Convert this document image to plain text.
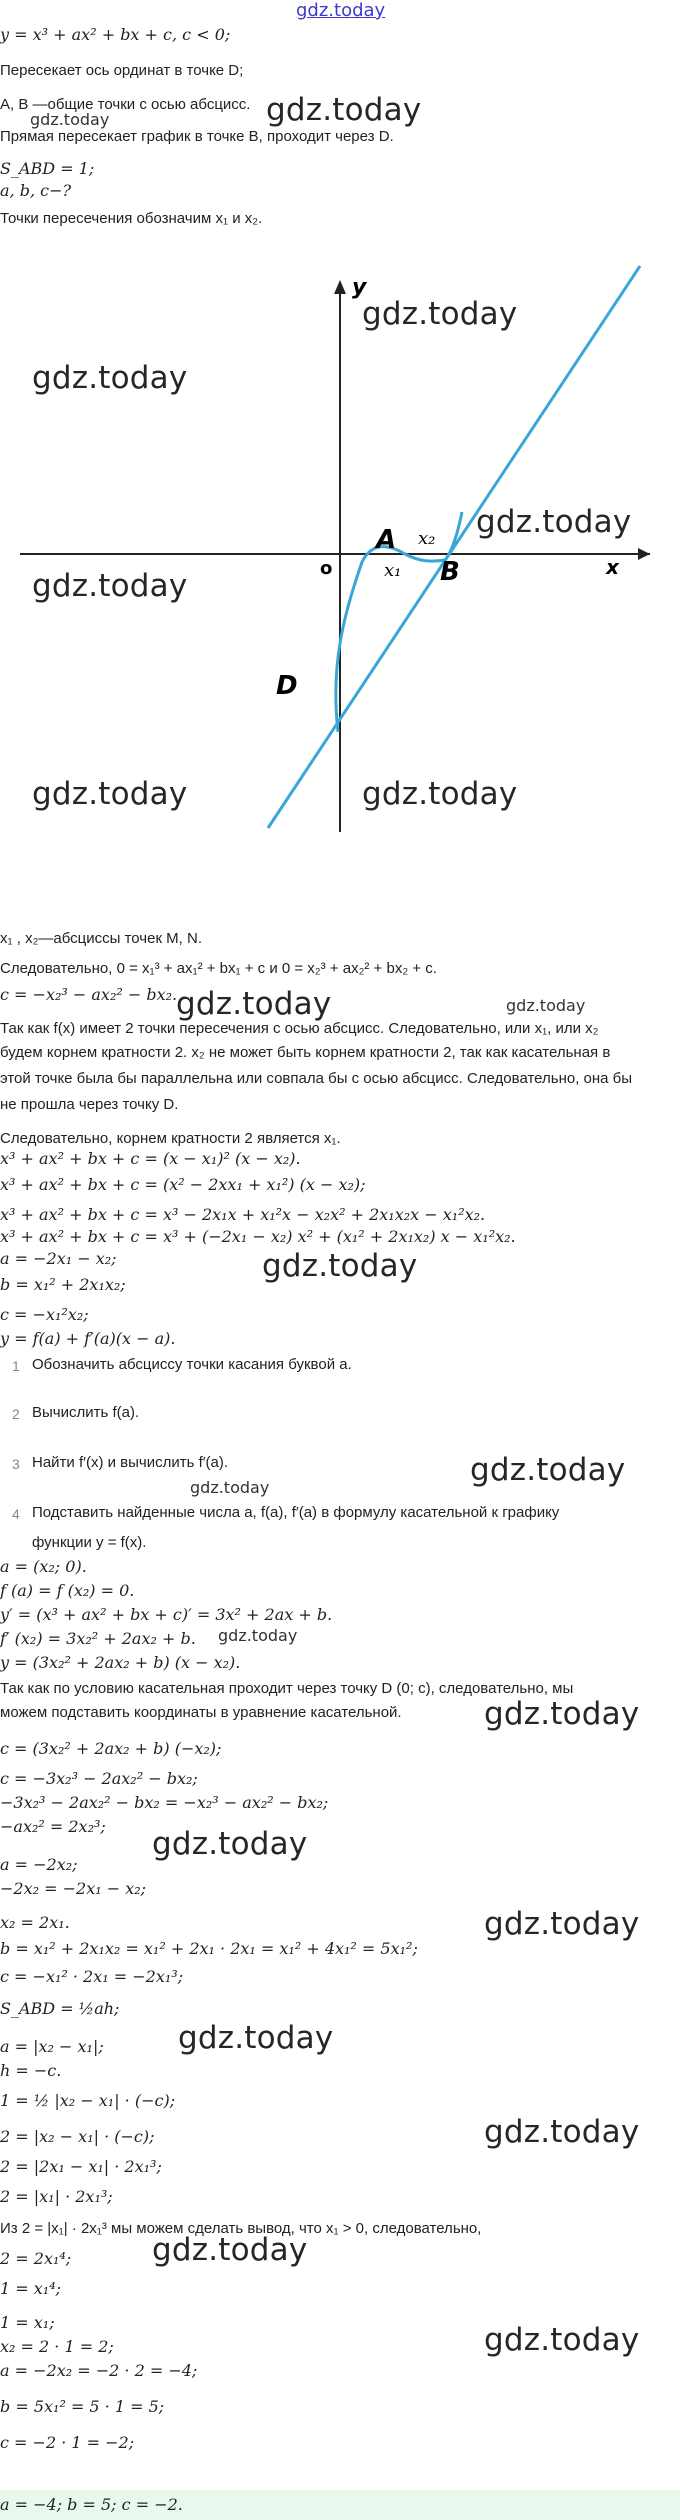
gdz.today
y = x³ + ax² + bx + c, c < 0;
Пересекает ось ординат в точке D;
A, B —общие точки с осью абсцисс.
gdz.today	gdz.today
Прямая пересекает график в точке B, проходит через D.
S_ABD = 1;
a, b, c−?
Точки пересечения обозначим x₁ и x₂.
y
x
o
A
B
D
x₁
x₂
gdz.today
gdz.today
gdz.today
gdz.today
gdz.today	gdz.today
x₁ , x₂—абсциссы точек M, N.
Следовательно, 0 = x₁³ + ax₁² + bx₁ + c и 0 = x₂³ + ax₂² + bx₂ + c.
c = −x₂³ − ax₂² − bx₂.
gdz.today	gdz.today
Так как f(x) имеет 2 точки пересечения с осью абсцисс. Следовательно, или x₁, или x₂
будем корнем кратности 2. x₂ не может быть корнем кратности 2, так как касательная в
этой точке была бы параллельна или совпала бы с осью абсцисс. Следовательно, она бы
не прошла через точку D.
Следовательно, корнем кратности 2 является x₁.
x³ + ax² + bx + c = (x − x₁)² (x − x₂).
x³ + ax² + bx + c = (x² − 2xx₁ + x₁²) (x − x₂);
x³ + ax² + bx + c = x³ − 2x₁x + x₁²x − x₂x² + 2x₁x₂x − x₁²x₂.
x³ + ax² + bx + c = x³ + (−2x₁ − x₂) x² + (x₁² + 2x₁x₂) x − x₁²x₂.
a = −2x₁ − x₂;	gdz.today
b = x₁² + 2x₁x₂;
c = −x₁²x₂;
y = f(a) + f′(a)(x − a).
1 Обозначить абсциссу точки касания буквой a.
2 Вычислить f(a).
3 Найти f′(x) и вычислить f′(a).	gdz.today
gdz.today
4 Подставить найденные числа a, f(a), f′(a) в формулу касательной к графику
функции y = f(x).
a = (x₂; 0).
f (a) = f (x₂) = 0.
y′ = (x³ + ax² + bx + c)′ = 3x² + 2ax + b.
gdz.today
f′ (x₂) = 3x₂² + 2ax₂ + b.
y = (3x₂² + 2ax₂ + b) (x − x₂).
Так как по условию касательная проходит через точку D (0; c), следовательно, мы
можем подставить координаты в уравнение касательной.	gdz.today
c = (3x₂² + 2ax₂ + b) (−x₂);
c = −3x₂³ − 2ax₂² − bx₂;
−3x₂³ − 2ax₂² − bx₂ = −x₂³ − ax₂² − bx₂;
−ax₂² = 2x₂³; gdz.today
a = −2x₂;
−2x₂ = −2x₁ − x₂;
gdz.today
x₂ = 2x₁.
b = x₁² + 2x₁x₂ = x₁² + 2x₁ · 2x₁ = x₁² + 4x₁² = 5x₁²;
c = −x₁² · 2x₁ = −2x₁³;
S_ABD = ½ah;
gdz.today
a = |x₂ − x₁|;
h = −c.
1 = ½ |x₂ − x₁| · (−c);
gdz.today
2 = |x₂ − x₁| · (−c);
2 = |2x₁ − x₁| · 2x₁³;
2 = |x₁| · 2x₁³;
Из 2 = |x₁| · 2x₁³ мы можем сделать вывод, что x₁ > 0, следовательно,
gdz.today
2 = 2x₁⁴;
1 = x₁⁴;
gdz.today
1 = x₁;
x₂ = 2 · 1 = 2;
a = −2x₂ = −2 · 2 = −4;
b = 5x₁² = 5 · 1 = 5;
c = −2 · 1 = −2;
a = −4; b = 5; c = −2.
